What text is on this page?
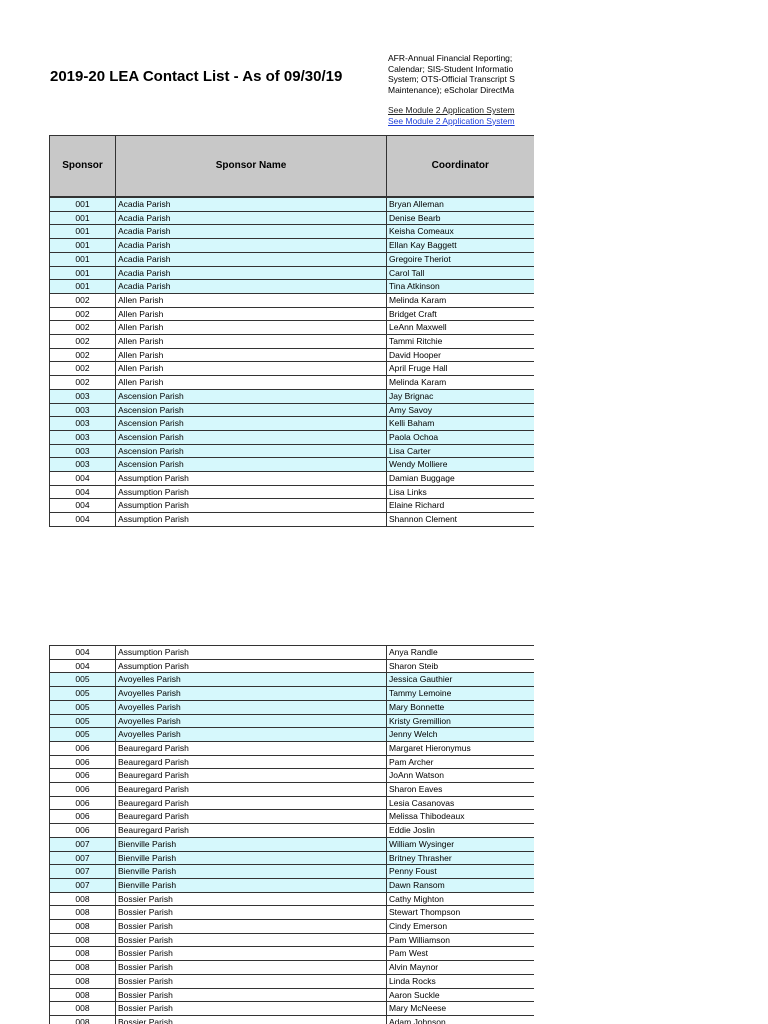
2019-20 LEA Contact List - As of 09/30/19
AFR-Annual Financial Reporting;
Calendar; SIS-Student Informatio
System; OTS-Official Transcript S
Maintenance); eScholar DirectMa
See Module 2 Application System
See Module 2 Application System
Sponsor	Sponsor Name	Coordinator
001	Acadia Parish	Bryan Alleman
001	Acadia Parish	Denise Bearb
001	Acadia Parish	Keisha Comeaux
001	Acadia Parish	Ellan Kay Baggett
001	Acadia Parish	Gregoire Theriot
001	Acadia Parish	Carol Tall
001	Acadia Parish	Tina Atkinson
002	Allen Parish	Melinda Karam
002	Allen Parish	Bridget Craft
002	Allen Parish	LeAnn Maxwell
002	Allen Parish	Tammi Ritchie
002	Allen Parish	David Hooper
002	Allen Parish	April Fruge Hall
002	Allen Parish	Melinda Karam
003	Ascension Parish	Jay Brignac
003	Ascension Parish	Amy Savoy
003	Ascension Parish	Kelli Baham
003	Ascension Parish	Paola Ochoa
003	Ascension Parish	Lisa Carter
003	Ascension Parish	Wendy Molliere
004	Assumption Parish	Damian Buggage
004	Assumption Parish	Lisa Links
004	Assumption Parish	Elaine Richard
004	Assumption Parish	Shannon Clement
004	Assumption Parish	Anya Randle
004	Assumption Parish	Sharon Steib
005	Avoyelles Parish	Jessica Gauthier
005	Avoyelles Parish	Tammy Lemoine
005	Avoyelles Parish	Mary Bonnette
005	Avoyelles Parish	Kristy Gremillion
005	Avoyelles Parish	Jenny Welch
006	Beauregard Parish	Margaret Hieronymus
006	Beauregard Parish	Pam Archer
006	Beauregard Parish	JoAnn Watson
006	Beauregard Parish	Sharon Eaves
006	Beauregard Parish	Lesia Casanovas
006	Beauregard Parish	Melissa Thibodeaux
006	Beauregard Parish	Eddie Joslin
007	Bienville Parish	William Wysinger
007	Bienville Parish	Britney Thrasher
007	Bienville Parish	Penny Foust
007	Bienville Parish	Dawn Ransom
008	Bossier Parish	Cathy Mighton
008	Bossier Parish	Stewart Thompson
008	Bossier Parish	Cindy Emerson
008	Bossier Parish	Pam Williamson
008	Bossier Parish	Pam West
008	Bossier Parish	Alvin Maynor
008	Bossier Parish	Linda Rocks
008	Bossier Parish	Aaron Suckle
008	Bossier Parish	Mary McNeese
008	Bossier Parish	Adam Johnson
